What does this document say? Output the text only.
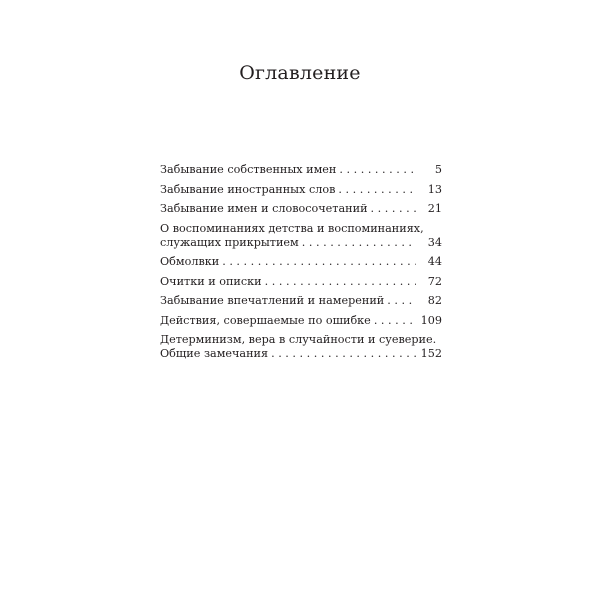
Оглавление
Забывание собственных имен . . .	5
Забывание иностранных слов . . .	13
Забывание имен и словосочетаний . . .	21
О воспоминаниях детства и воспоминаниях,
служащих прикрытием . . .	34
Обмолвки . . .	44
Очитки и описки . . .	72
Забывание впечатлений и намерений . . .	82
Действия, совершаемые по ошибке . . .	109
Детерминизм, вера в случайности и суеверие.
Общие замечания . . .	152
